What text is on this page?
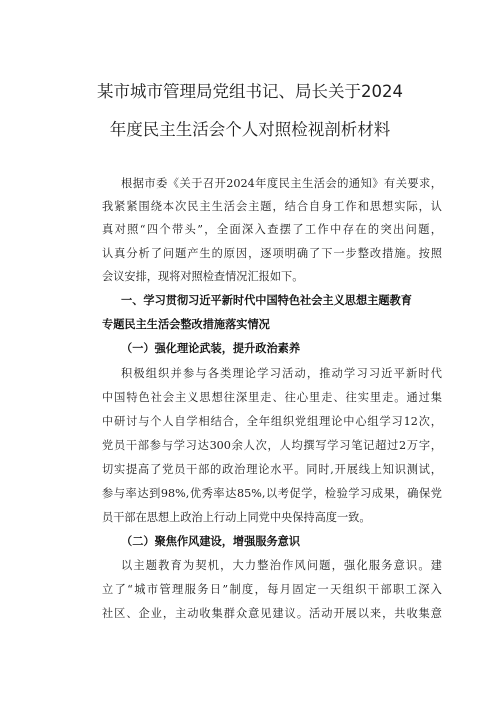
某市城市管理局党组书记、局长关于2024
年度民主生活会个人对照检视剖析材料
根据市委《关于召开2024年度民主生活会的通知》有关要求，
我紧紧围绕本次民主生活会主题，结合自身工作和思想实际，认
真对照“四个带头”，全面深入查摆了工作中存在的突出问题，
认真分析了问题产生的原因，逐项明确了下一步整改措施。按照
会议安排，现将对照检查情况汇报如下。
一、学习贯彻习近平新时代中国特色社会主义思想主题教育
专题民主生活会整改措施落实情况
（一）强化理论武装，提升政治素养
积极组织并参与各类理论学习活动，推动学习习近平新时代
中国特色社会主义思想往深里走、往心里走、往实里走。通过集
中研讨与个人自学相结合，全年组织党组理论中心组学习12次，
党员干部参与学习达300余人次，人均撰写学习笔记超过2万字，
切实提高了党员干部的政治理论水平。同时,开展线上知识测试，
参与率达到98%,优秀率达85%,以考促学，检验学习成果，确保党
员干部在思想上政治上行动上同党中央保持高度一致。
（二）聚焦作风建设，增强服务意识
以主题教育为契机，大力整治作风问题，强化服务意识。建
立了“城市管理服务日”制度，每月固定一天组织干部职工深入
社区、企业，主动收集群众意见建议。活动开展以来，共收集意
